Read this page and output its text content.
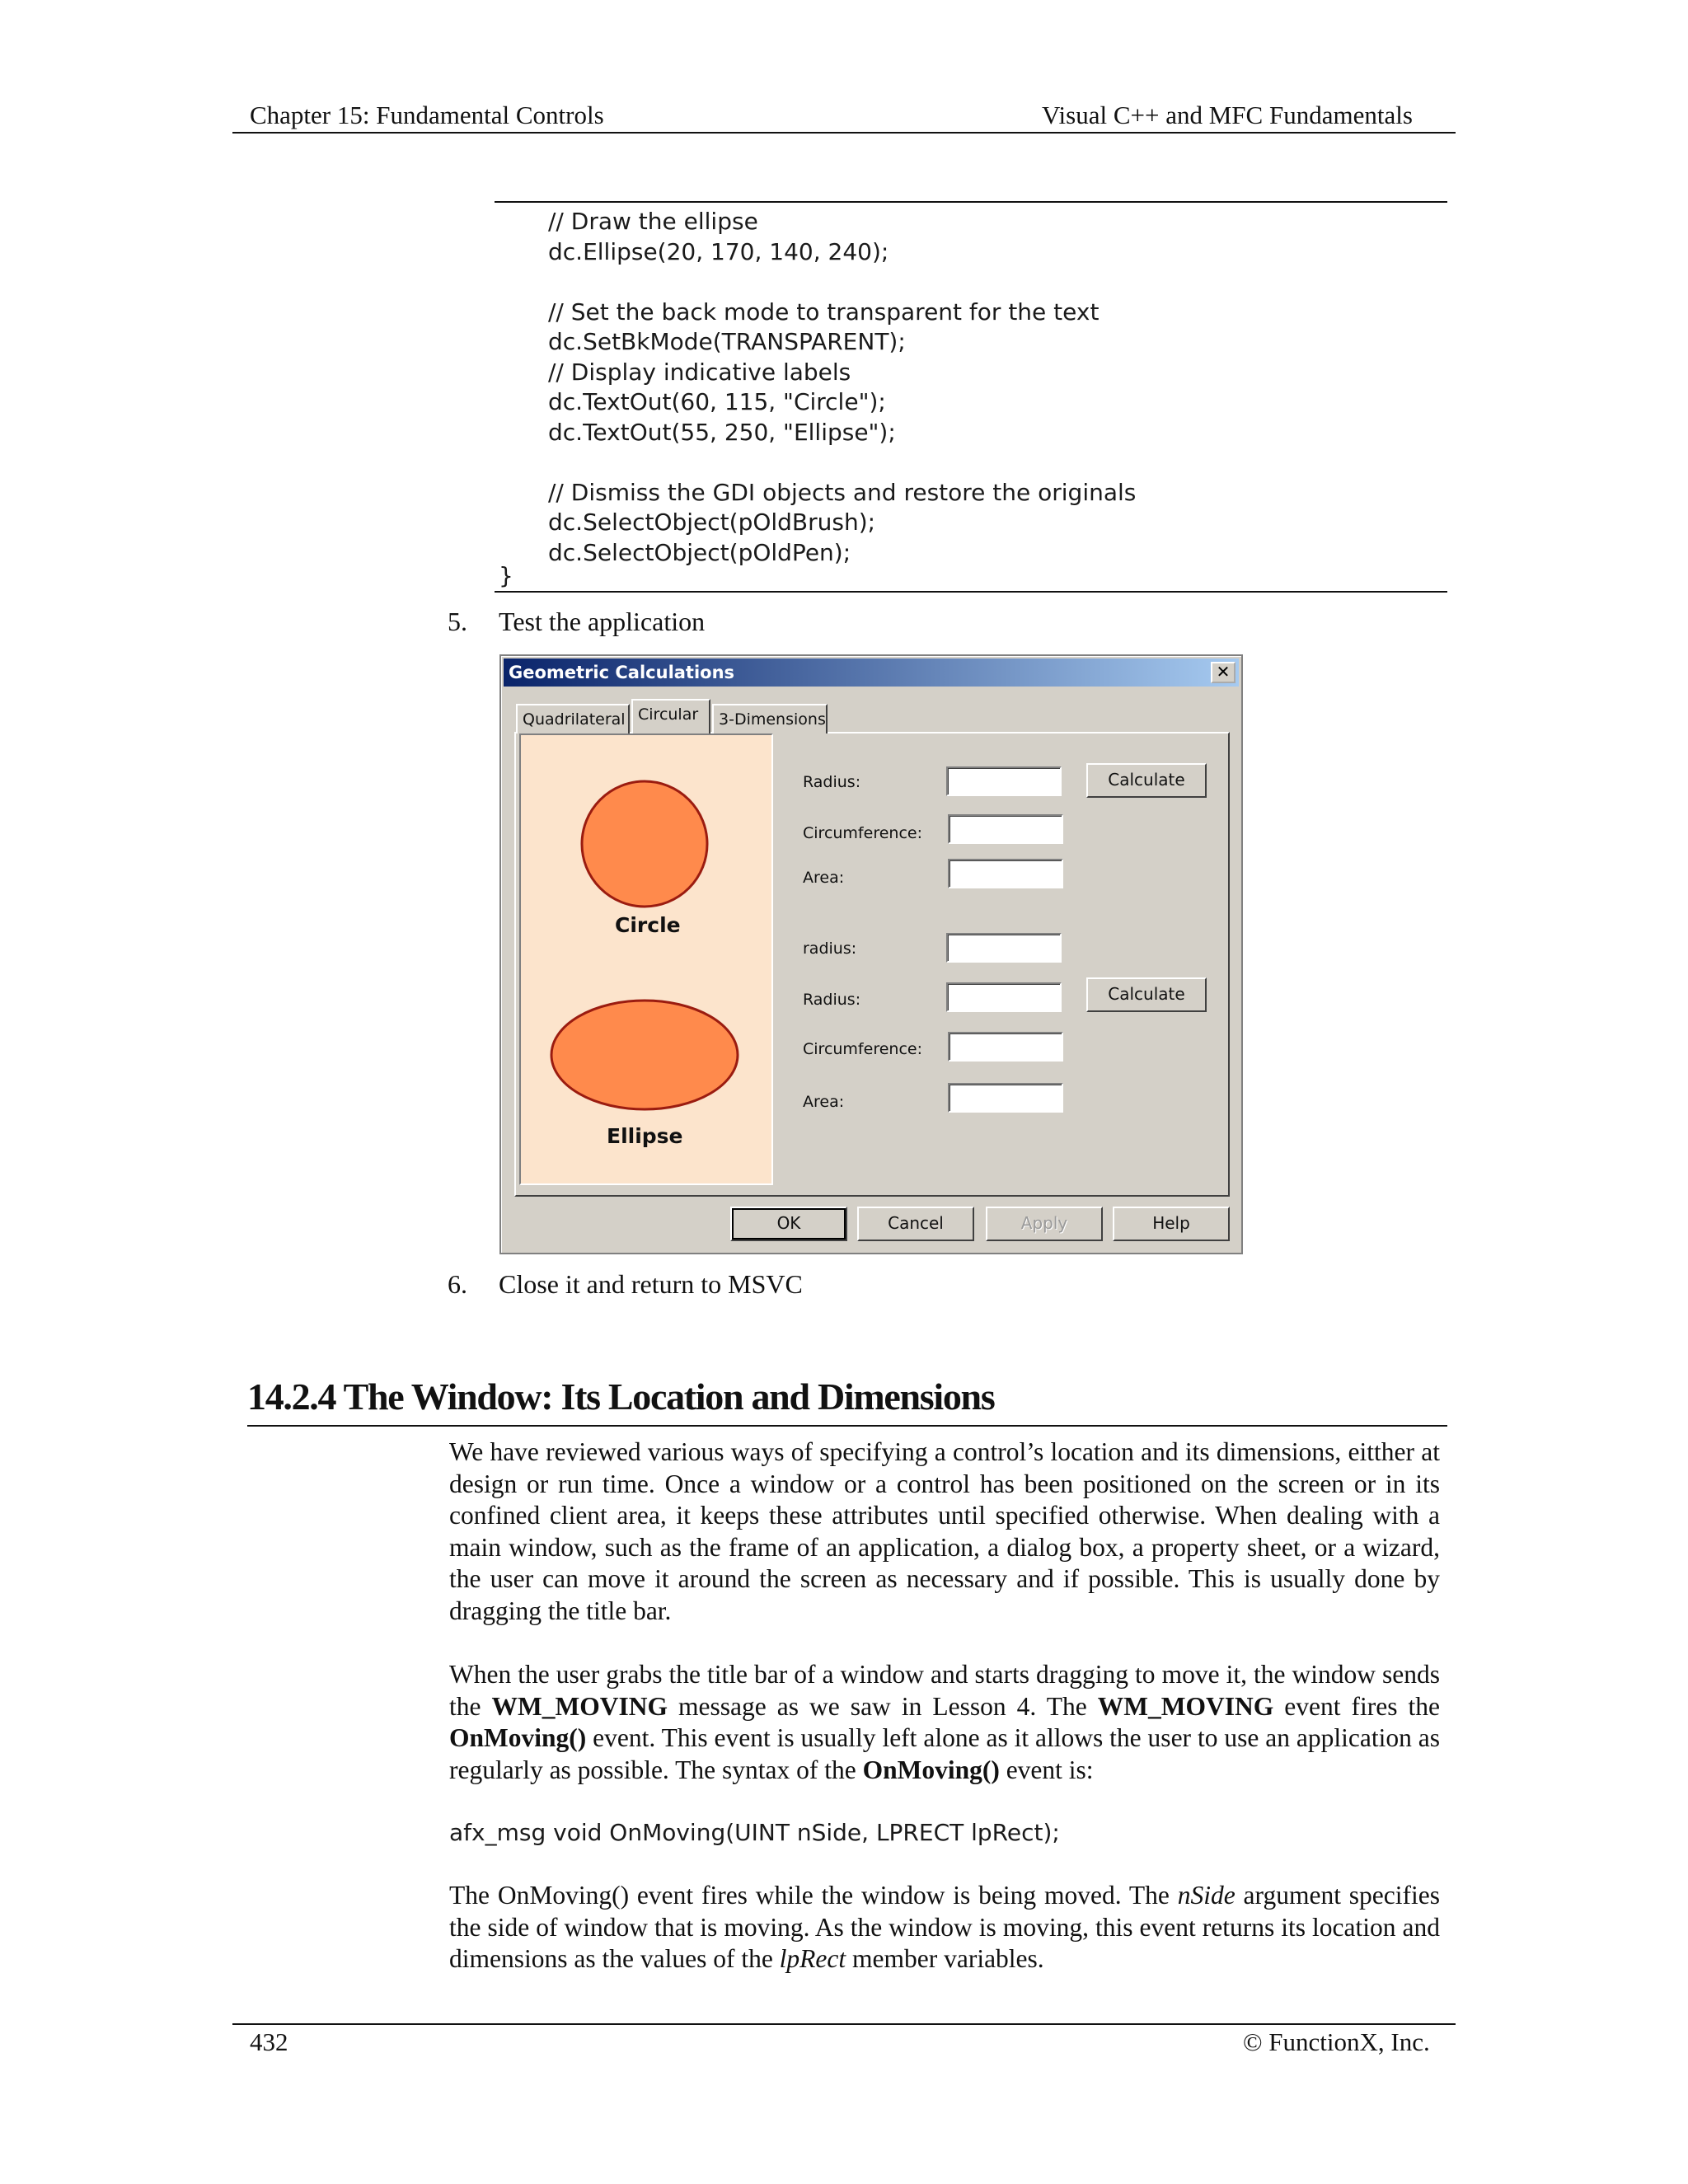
Chapter 15: Fundamental Controls	Visual C++ and MFC Fundamentals
// Draw the ellipse
dc.Ellipse(20, 170, 140, 240);
// Set the back mode to transparent for the text
dc.SetBkMode(TRANSPARENT);
// Display indicative labels
dc.TextOut(60, 115, "Circle");
dc.TextOut(55, 250, "Ellipse");
// Dismiss the GDI objects and restore the originals
dc.SelectObject(pOldBrush);
dc.SelectObject(pOldPen);
}
5. Test the application
Geometric Calculations	✕
Quadrilateral Circular	3-Dimensions
Circle
Ellipse
Radius:	Calculate
Circumference:
Area:
radius:
Radius:	Calculate
Circumference:
Area:
OK	Cancel	Apply	Help
6. Close it and return to MSVC
14.2.4 The Window: Its Location and Dimensions
We have reviewed various ways of specifying a control’s location and its dimensions, eitther at design or run time. Once a window or a control has been positioned on the screen or in its confined client area, it keeps these attributes until specified otherwise. When dealing with a main window, such as the frame of an application, a dialog box, a property sheet, or a wizard, the user can move it around the screen as necessary and if possible. This is usually done by dragging the title bar.
When the user grabs the title bar of a window and starts dragging to move it, the window sends the WM_MOVING message as we saw in Lesson 4. The WM_MOVING event fires the OnMoving() event. This event is usually left alone as it allows the user to use an application as regularly as possible. The syntax of the OnMoving() event is:
afx_msg void OnMoving(UINT nSide, LPRECT lpRect);
The OnMoving() event fires while the window is being moved. The nSide argument specifies the side of window that is moving. As the window is moving, this event returns its location and dimensions as the values of the lpRect member variables.
432	© FunctionX, Inc.
